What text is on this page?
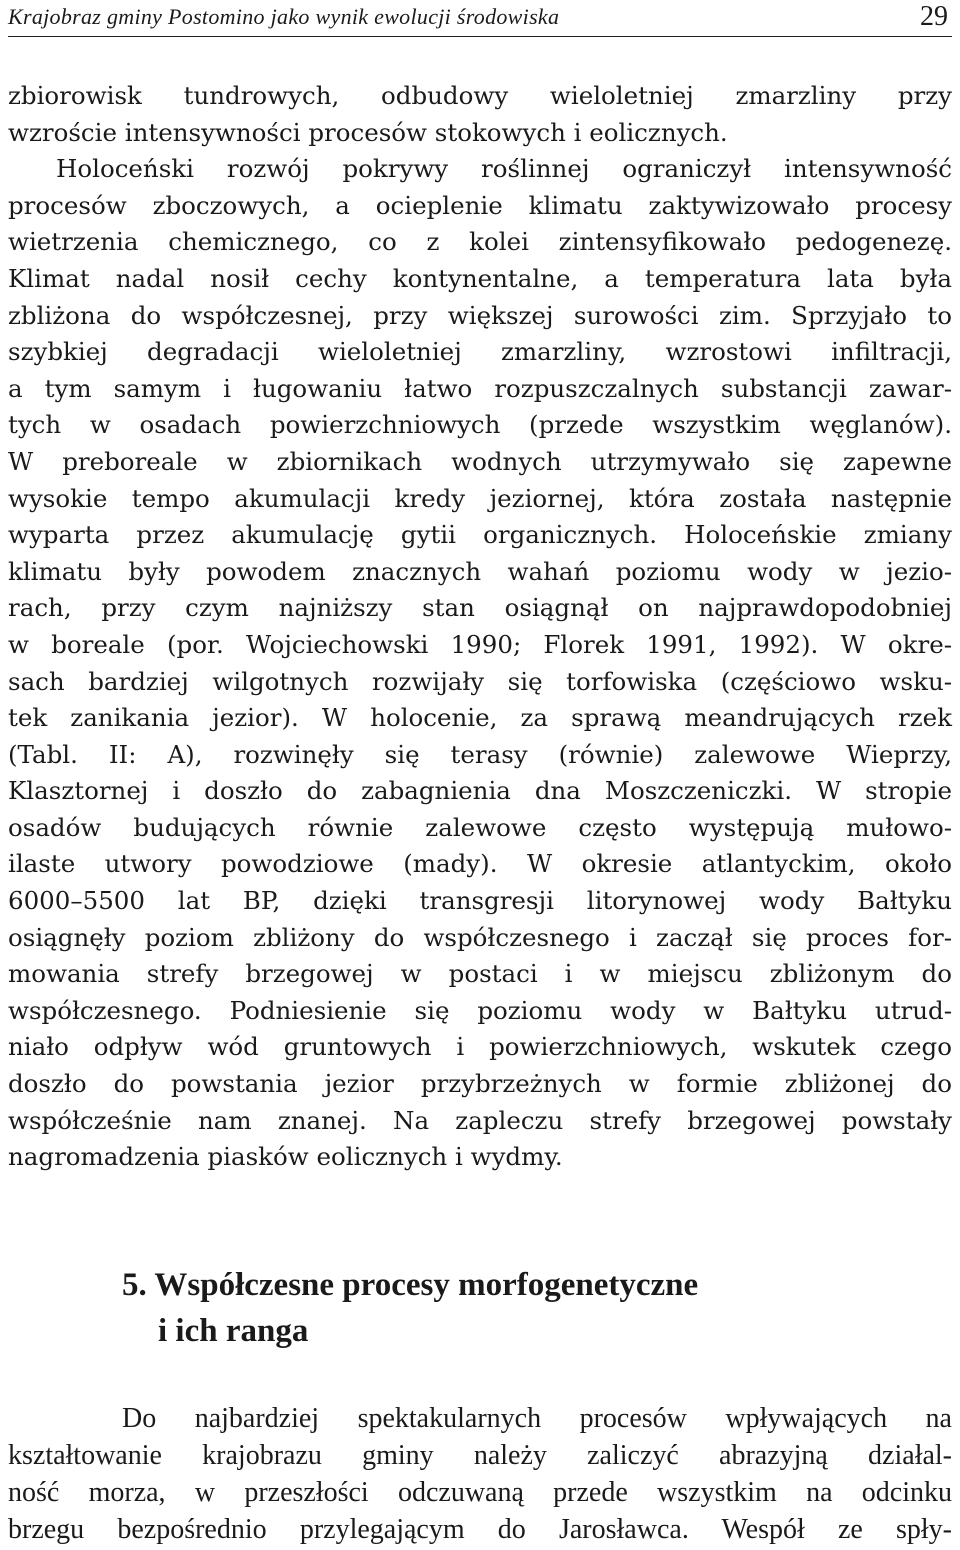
Krajobraz gminy Postomino jako wynik ewolucji środowiska	29
zbiorowisk tundrowych, odbudowy wieloletniej zmarzliny przy
wzroście intensywności procesów stokowych i eolicznych.
Holoceński rozwój pokrywy roślinnej ograniczył intensywność
procesów zboczowych, a ocieplenie klimatu zaktywizowało procesy
wietrzenia chemicznego, co z kolei zintensyfikowało pedogenezę.
Klimat nadal nosił cechy kontynentalne, a temperatura lata była
zbliżona do współczesnej, przy większej surowości zim. Sprzyjało to
szybkiej degradacji wieloletniej zmarzliny, wzrostowi infiltracji,
a tym samym i ługowaniu łatwo rozpuszczalnych substancji zawar-
tych w osadach powierzchniowych (przede wszystkim węglanów).
W preboreale w zbiornikach wodnych utrzymywało się zapewne
wysokie tempo akumulacji kredy jeziornej, która została następnie
wyparta przez akumulację gytii organicznych. Holoceńskie zmiany
klimatu były powodem znacznych wahań poziomu wody w jezio-
rach, przy czym najniższy stan osiągnął on najprawdopodobniej
w boreale (por. Wojciechowski 1990; Florek 1991, 1992). W okre-
sach bardziej wilgotnych rozwijały się torfowiska (częściowo wsku-
tek zanikania jezior). W holocenie, za sprawą meandrujących rzek
(Tabl. II: A), rozwinęły się terasy (równie) zalewowe Wieprzy,
Klasztornej i doszło do zabagnienia dna Moszczeniczki. W stropie
osadów budujących równie zalewowe często występują mułowo-
ilaste utwory powodziowe (mady). W okresie atlantyckim, około
6000–5500 lat BP, dzięki transgresji litorynowej wody Bałtyku
osiągnęły poziom zbliżony do współczesnego i zaczął się proces for-
mowania strefy brzegowej w postaci i w miejscu zbliżonym do
współczesnego. Podniesienie się poziomu wody w Bałtyku utrud-
niało odpływ wód gruntowych i powierzchniowych, wskutek czego
doszło do powstania jezior przybrzeżnych w formie zbliżonej do
współcześnie nam znanej. Na zapleczu strefy brzegowej powstały
nagromadzenia piasków eolicznych i wydmy.
5. Współczesne procesy morfogenetyczne
i ich ranga
Do najbardziej spektakularnych procesów wpływających na
kształtowanie krajobrazu gminy należy zaliczyć abrazyjną działal-
ność morza, w przeszłości odczuwaną przede wszystkim na odcinku
brzegu bezpośrednio przylegającym do Jarosławca. Wespół ze spły-
